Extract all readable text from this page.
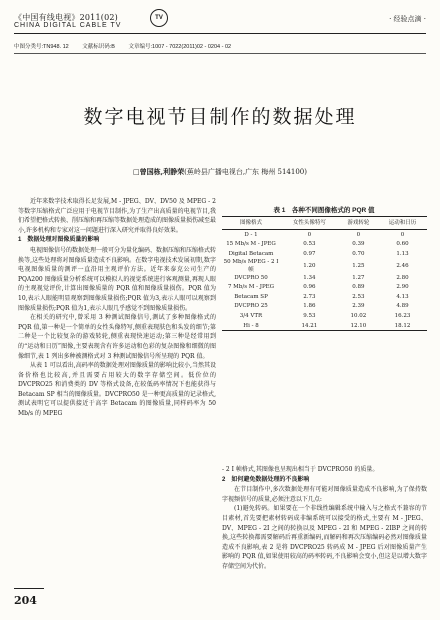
《中国有线电视》2011(02)
CHINA DIGITAL CABLE TV
TV	· 经验点滴 ·
中图分类号:TN948. 12 文献标识码:B 文章编号:1007 - 7022(2011)02 - 0204 - 02
数字电视节目制作的数据处理
□曾国栋,利静荣(蕉岭县广播电视台,广东 梅州 514100)

近年来数字技术取得长足发展,M - JPEG、DV、DV50 及 MPEG - 2 等数字压缩格式广泛应用于电视节目制作,为了生产出高质量的电视节目,我们希望把格式转换、削压缩和再压缩等数据处理造成的图像质量损伤减至最小,许多机构和专家对这一问题进行深入研究并取得良好效果。

1　数据处理对图像质量的影响

电视图像信号的数据处理一般可分为量化编码、数据压缩和压缩格式转换等,这些处理将对图像质量造成不良影响。在数字电视技术发展初期,数字电视图像质量的测评一直沿用主观评价方法。近年来泰克公司生产的 PQA200 图像质量分析系统可以模拟人的视觉系统进行客观测量,再现人眼的主观视觉评价,计算出图像质量的 PQR 值和图像质量损伤。PQR 值为10,表示人眼能明显观察到图像质量损伤;PQR 值为3,表示人眼可以观察到图像质量损伤;PQR 值为1,表示人眼几乎感觉不到图像质量损伤。

在相关的研究中,曾采用 3 种测试图像信号,测试了多种图像格式的 PQR 值,第一种是一个简单的女性头像特写,侧重表现肤色和头发的细节;第二种是一个比较复杂的游戏转轮,侧重表现快速运动;第三种是经常用到的“运动和日历”图像,主要表现含有许多运动和色彩的复杂图像和细微的图像细节,表 1 列出多种被测格式对 3 种测试图像信号所呈现的 PQR 值。

从表 1 可以看出,高码率的数据处理对图像质量的影响比较小,当然其设备价格也比较高,并且需要占用较大的数字存储空间。低价位的 DVCPRO25 和消费类的 DV 等格式设备,在较低码率情况下也能获得与 Betacam SP 相当的图像质量。DVCPRO50 是一种更高质量的记录格式,测试表明它可以提供接近于高字 Betacam 的图像质量,同样码率为 50 Mb/s 的 MPEG

表 1　各种不同图像格式的 PQR 值
图像格式	女性头像特写	游戏转轮	运动和日历
D - 1	0	0	0
15 Mb/s M - JPEG	0.53	0.39	0.60
Digital Betacam	0.97	0.70	1.13
50 Mb/s MPEG - 2 I 帧	1.20	1.25	2.46
DVCPRO 50	1.34	1.27	2.80
7 Mb/s M - JPEG	0.96	0.89	2.90
Betacam SP	2.73	2.53	4.13
DVCPRO 25	1.86	2.39	4.89
3/4 VTR	9.53	10.02	16.23
Hi - 8	14.21	12.10	18.12

- 2 I 帧格式,其图像也呈现出相当于 DVCPRO50 的质量。

2　如何避免数据处理的不良影响

在节目制作中,多次数据处理有可能对图像质量造成不良影响,为了保持数字视频信号的质量,必须注意以下几点:

(1)避免转码。如果要在一个非线性编辑系统中输入与之格式不兼容的节目素材,首先要把素材转码成非编系统可以接受的格式,主要有 M - JPEG、DV、MPEG - 2I 之间的转换以及 MPEG - 2I 和 MPEG - 2IBP 之间的转换,这些转换都需要解码后再重新编码,而解码和再次压缩编码必然对图像质量造成不良影响,表 2 是将 DVCPRO25 转码成 M - JPEG 后对图像质量产生影响的 PQR 值,如果使用较高的码率转码,不良影响会变小,但这是以增大数字存储空间为代价。

204
